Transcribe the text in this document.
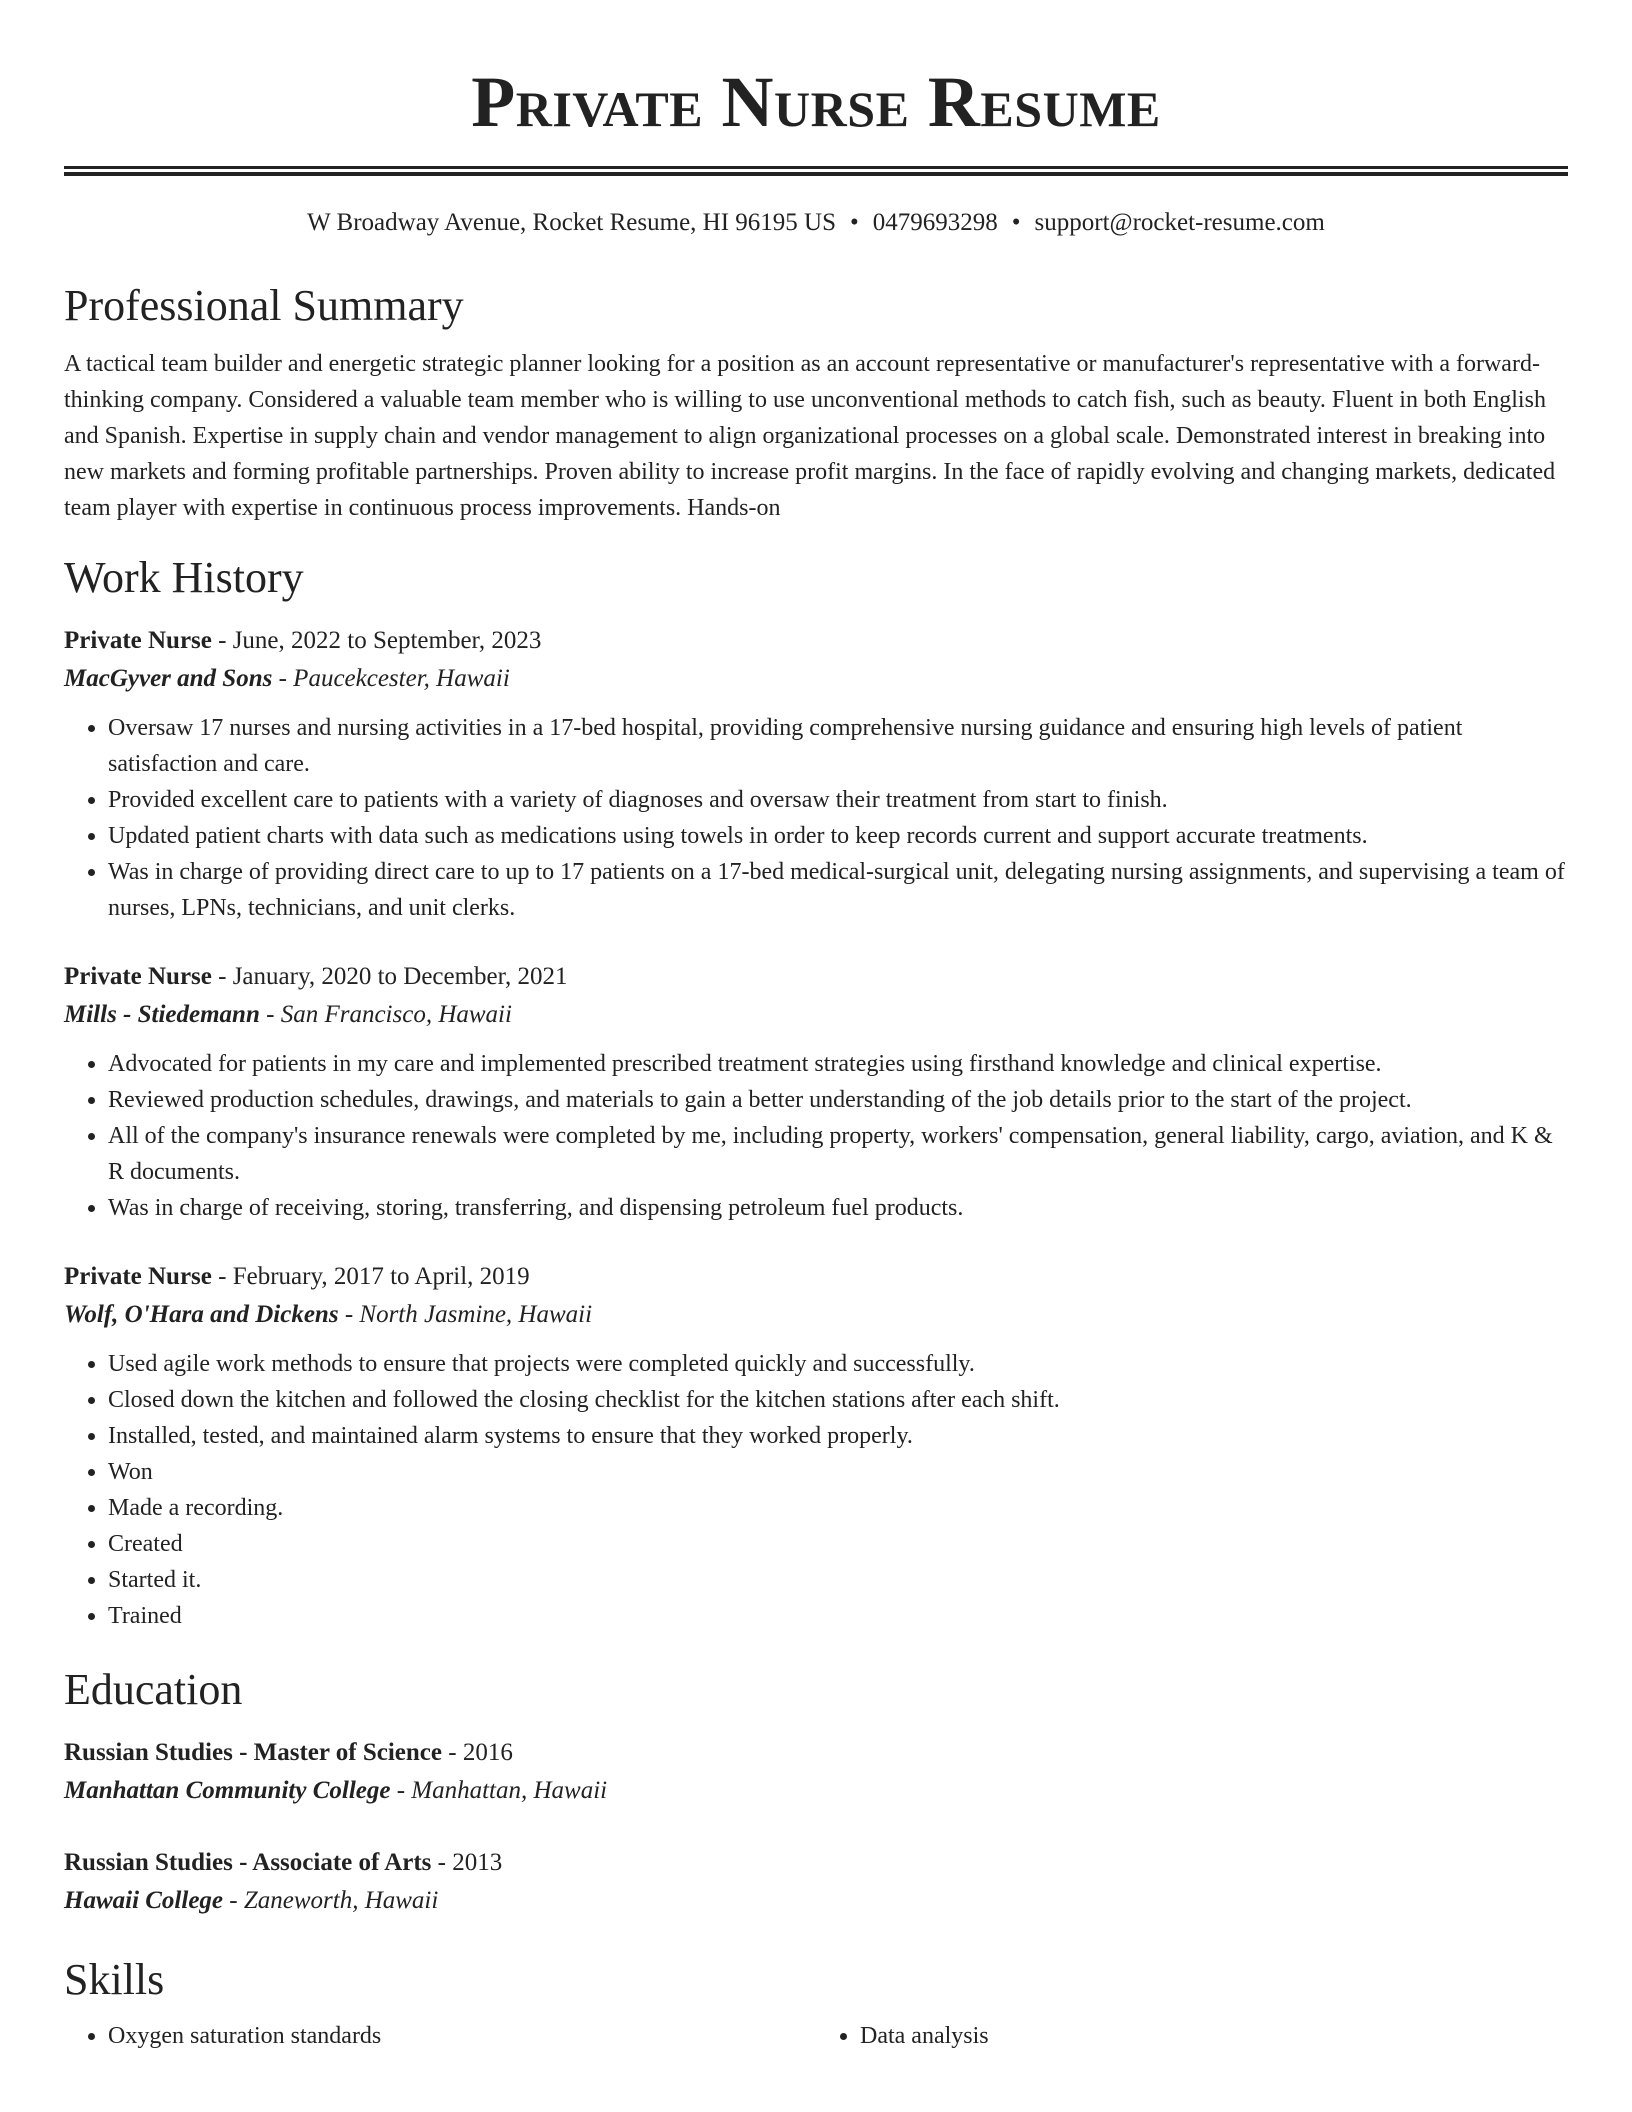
Private Nurse Resume
W Broadway Avenue, Rocket Resume, HI 96195 US • 0479693298 • support@rocket-resume.com
Professional Summary

A tactical team builder and energetic strategic planner looking for a position as an account representative or manufacturer's representative with a forward-thinking company. Considered a valuable team member who is willing to use unconventional methods to catch fish, such as beauty. Fluent in both English and Spanish. Expertise in supply chain and vendor management to align organizational processes on a global scale. Demonstrated interest in breaking into new markets and forming profitable partnerships. Proven ability to increase profit margins. In the face of rapidly evolving and changing markets, dedicated team player with expertise in continuous process improvements. Hands-on

Work History
Private Nurse - June, 2022 to September, 2023
MacGyver and Sons - Paucekcester, Hawaii
• Oversaw 17 nurses and nursing activities in a 17-bed hospital, providing comprehensive nursing guidance and ensuring high levels of patient satisfaction and care.
• Provided excellent care to patients with a variety of diagnoses and oversaw their treatment from start to finish.
• Updated patient charts with data such as medications using towels in order to keep records current and support accurate treatments.
• Was in charge of providing direct care to up to 17 patients on a 17-bed medical-surgical unit, delegating nursing assignments, and supervising a team of nurses, LPNs, technicians, and unit clerks.
Private Nurse - January, 2020 to December, 2021
Mills - Stiedemann - San Francisco, Hawaii
• Advocated for patients in my care and implemented prescribed treatment strategies using firsthand knowledge and clinical expertise.
• Reviewed production schedules, drawings, and materials to gain a better understanding of the job details prior to the start of the project.
• All of the company's insurance renewals were completed by me, including property, workers' compensation, general liability, cargo, aviation, and K & R documents.
• Was in charge of receiving, storing, transferring, and dispensing petroleum fuel products.
Private Nurse - February, 2017 to April, 2019
Wolf, O'Hara and Dickens - North Jasmine, Hawaii
• Used agile work methods to ensure that projects were completed quickly and successfully.
• Closed down the kitchen and followed the closing checklist for the kitchen stations after each shift.
• Installed, tested, and maintained alarm systems to ensure that they worked properly.
• Won
• Made a recording.
• Created
• Started it.
• Trained
Education
Russian Studies - Master of Science - 2016
Manhattan Community College - Manhattan, Hawaii
Russian Studies - Associate of Arts - 2013
Hawaii College - Zaneworth, Hawaii
Skills
• Oxygen saturation standards
•	Data analysis
